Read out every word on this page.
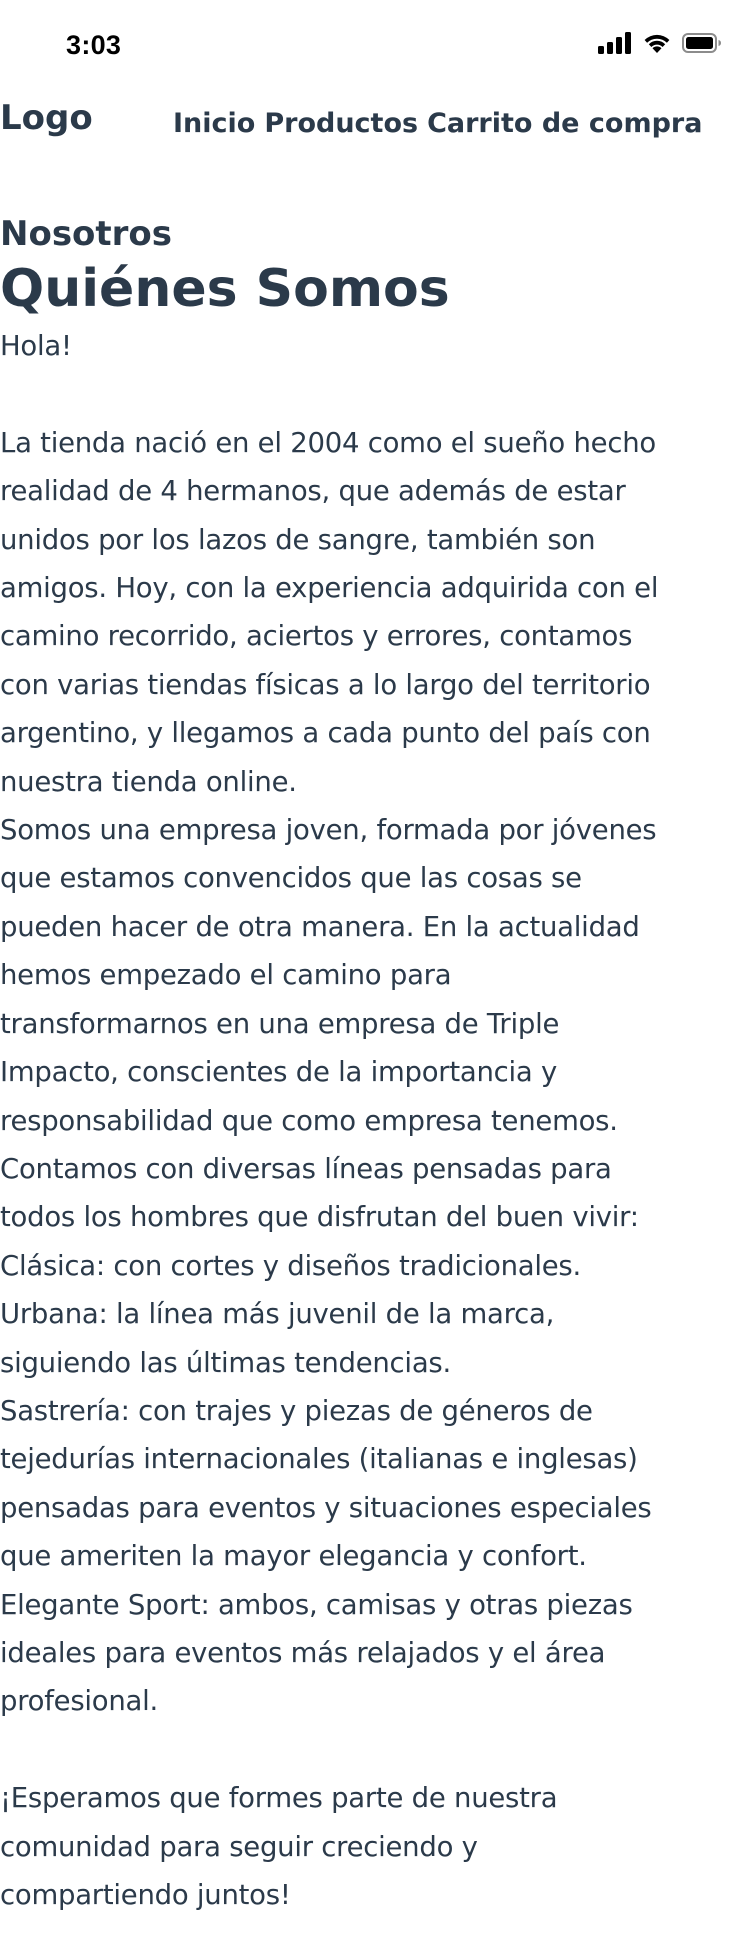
3:03
Logo	Inicio Productos Carrito de compra
Nosotros
Quiénes Somos

Hola!

La tienda nació en el 2004 como el sueño hecho
realidad de 4 hermanos, que además de estar
unidos por los lazos de sangre, también son
amigos. Hoy, con la experiencia adquirida con el
camino recorrido, aciertos y errores, contamos
con varias tiendas físicas a lo largo del territorio
argentino, y llegamos a cada punto del país con
nuestra tienda online.

Somos una empresa joven, formada por jóvenes
que estamos convencidos que las cosas se
pueden hacer de otra manera. En la actualidad
hemos empezado el camino para
transformarnos en una empresa de Triple
Impacto, conscientes de la importancia y
responsabilidad que como empresa tenemos.

Contamos con diversas líneas pensadas para
todos los hombres que disfrutan del buen vivir:

Clásica: con cortes y diseños tradicionales.

Urbana: la línea más juvenil de la marca,
siguiendo las últimas tendencias.

Sastrería: con trajes y piezas de géneros de
tejedurías internacionales (italianas e inglesas)
pensadas para eventos y situaciones especiales
que ameriten la mayor elegancia y confort.

Elegante Sport: ambos, camisas y otras piezas
ideales para eventos más relajados y el área
profesional.

¡Esperamos que formes parte de nuestra
comunidad para seguir creciendo y
compartiendo juntos!
